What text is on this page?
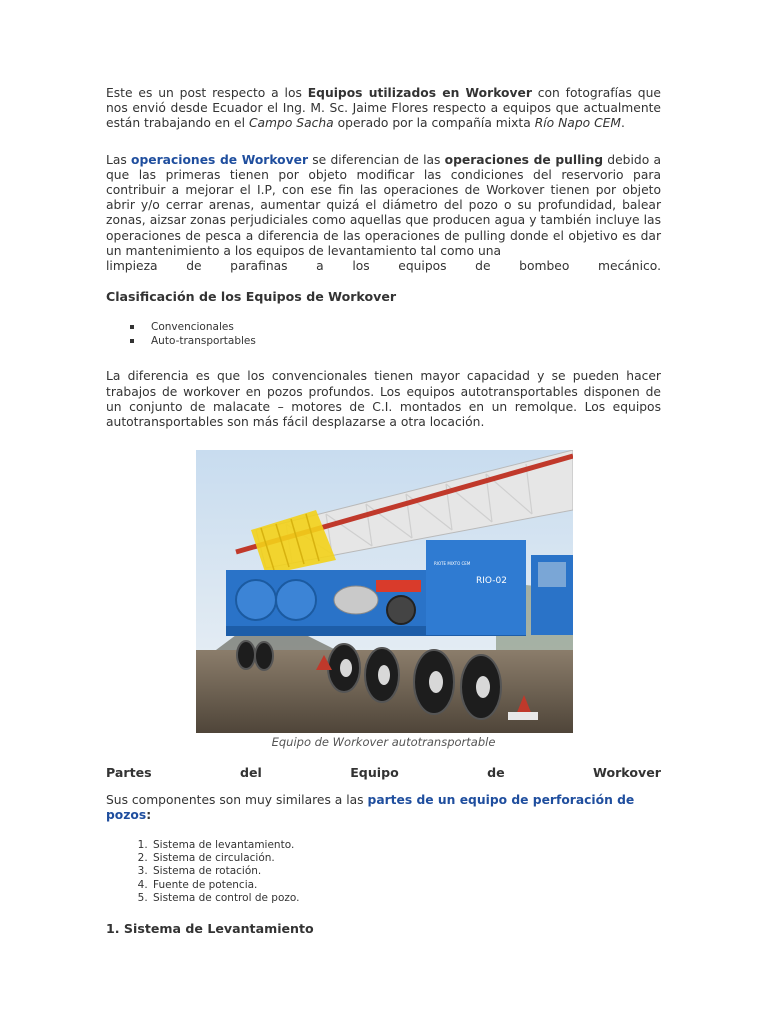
Este es un post respecto a los Equipos utilizados en Workover con fotografías que nos envió desde Ecuador el Ing. M. Sc. Jaime Flores respecto a equipos que actualmente están trabajando en el Campo Sacha operado por la compañía mixta Río Napo CEM.

Las operaciones de Workover se diferencian de las operaciones de pulling debido a que las primeras tienen por objeto modificar las condiciones del reservorio para contribuir a mejorar el I.P, con ese fin las operaciones de Workover tienen por objeto abrir y/o cerrar arenas, aumentar quizá el diámetro del pozo o su profundidad, balear zonas, aizsar zonas perjudiciales como aquellas que producen agua y también incluye las operaciones de pesca a diferencia de las operaciones de pulling donde el objetivo es dar un mantenimiento a los equipos de levantamiento tal como una

limpieza de parafinas a los equipos de bombeo mecánico.

Clasificación de los Equipos de Workover
Convencionales
Auto-transportables

La diferencia es que los convencionales tienen mayor capacidad y se pueden hacer trabajos de workover en pozos profundos. Los equipos autotransportables disponen de un conjunto de malacate – motores de C.I. montados en un remolque. Los equipos autotransportables son más fácil desplazarse a otra locación.

RIO-02
RIOTE MIXTO CEM
Equipo de Workover autotransportable
Partes	del	Equipo	de	Workover

Sus componentes son muy similares a las partes de un equipo de perforación de pozos:

1. Sistema de levantamiento.
2. Sistema de circulación.
3. Sistema de rotación.
4. Fuente de potencia.
5. Sistema de control de pozo.
1. Sistema de Levantamiento
